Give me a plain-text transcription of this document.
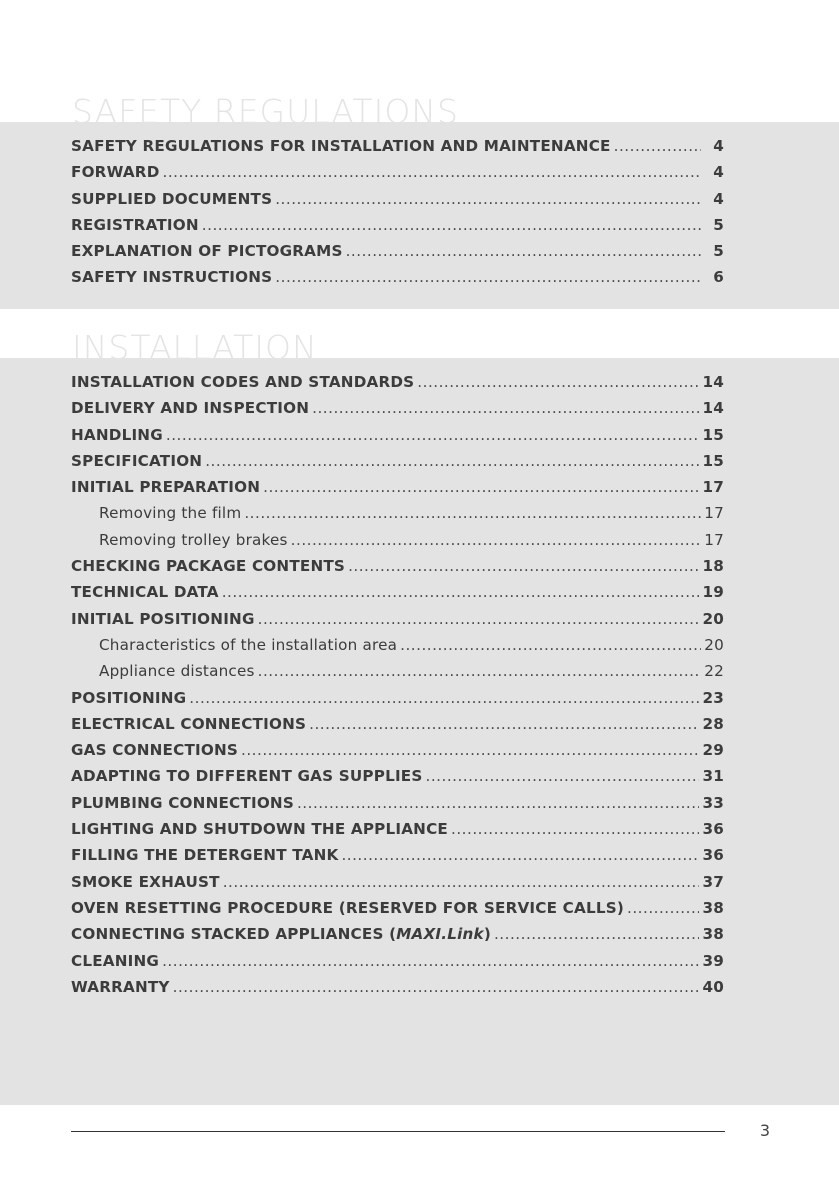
SAFETY REGULATIONS
SAFETY REGULATIONS FOR INSTALLATION AND MAINTENANCE .....	4
FORWARD .....	4
SUPPLIED DOCUMENTS .....	4
REGISTRATION .....	5
EXPLANATION OF PICTOGRAMS .....	5
SAFETY INSTRUCTIONS .....	6
INSTALLATION
INSTALLATION CODES AND STANDARDS .....	14
DELIVERY AND INSPECTION .....	14
HANDLING .....	15
SPECIFICATION .....	15
INITIAL PREPARATION .....	17
Removing the film .....	17
Removing trolley brakes .....	17
CHECKING PACKAGE CONTENTS .....	18
TECHNICAL DATA .....	19
INITIAL POSITIONING .....	20
Characteristics of the installation area .....	20
Appliance distances .....	22
POSITIONING .....	23
ELECTRICAL CONNECTIONS .....	28
GAS CONNECTIONS .....	29
ADAPTING TO DIFFERENT GAS SUPPLIES .....	31
PLUMBING CONNECTIONS .....	33
LIGHTING AND SHUTDOWN THE APPLIANCE .....	36
FILLING THE DETERGENT TANK .....	36
SMOKE EXHAUST .....	37
OVEN RESETTING PROCEDURE (RESERVED FOR SERVICE CALLS) .....	38
CONNECTING STACKED APPLIANCES (MAXI.Link) .....	38
CLEANING .....	39
WARRANTY .....	40
3
